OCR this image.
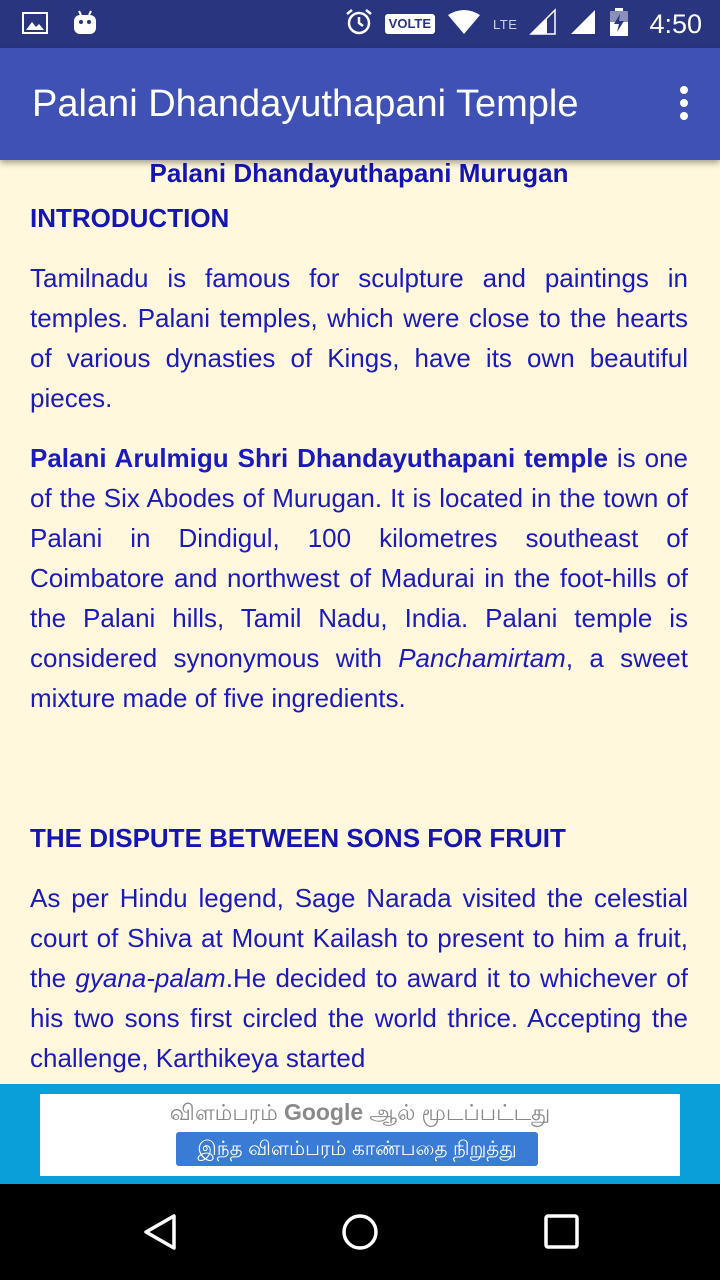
VOLTE	LTE	4:50
Palani Dhandayuthapani Temple

Palani Dhandayuthapani Murugan

INTRODUCTION

Tamilnadu is famous for sculpture and paintings in temples. Palani temples, which were close to the hearts of various dynasties of Kings, have its own beautiful pieces.

Palani Arulmigu Shri Dhandayuthapani temple is one of the Six Abodes of Murugan. It is located in the town of Palani in Dindigul, 100 kilometres southeast of Coimbatore and northwest of Madurai in the foot-hills of the Palani hills, Tamil Nadu, India. Palani temple is considered synonymous with Panchamirtam, a sweet mixture made of five ingredients.

THE DISPUTE BETWEEN SONS FOR FRUIT

As per Hindu legend, Sage Narada visited the celestial court of Shiva at Mount Kailash to present to him a fruit, the gyana-palam.He decided to award it to whichever of his two sons first circled the world thrice. Accepting the challenge, Karthikeya started

விளம்பரம் Google ஆல் மூடப்பட்டது
இந்த விளம்பரம் காண்பதை நிறுத்து
